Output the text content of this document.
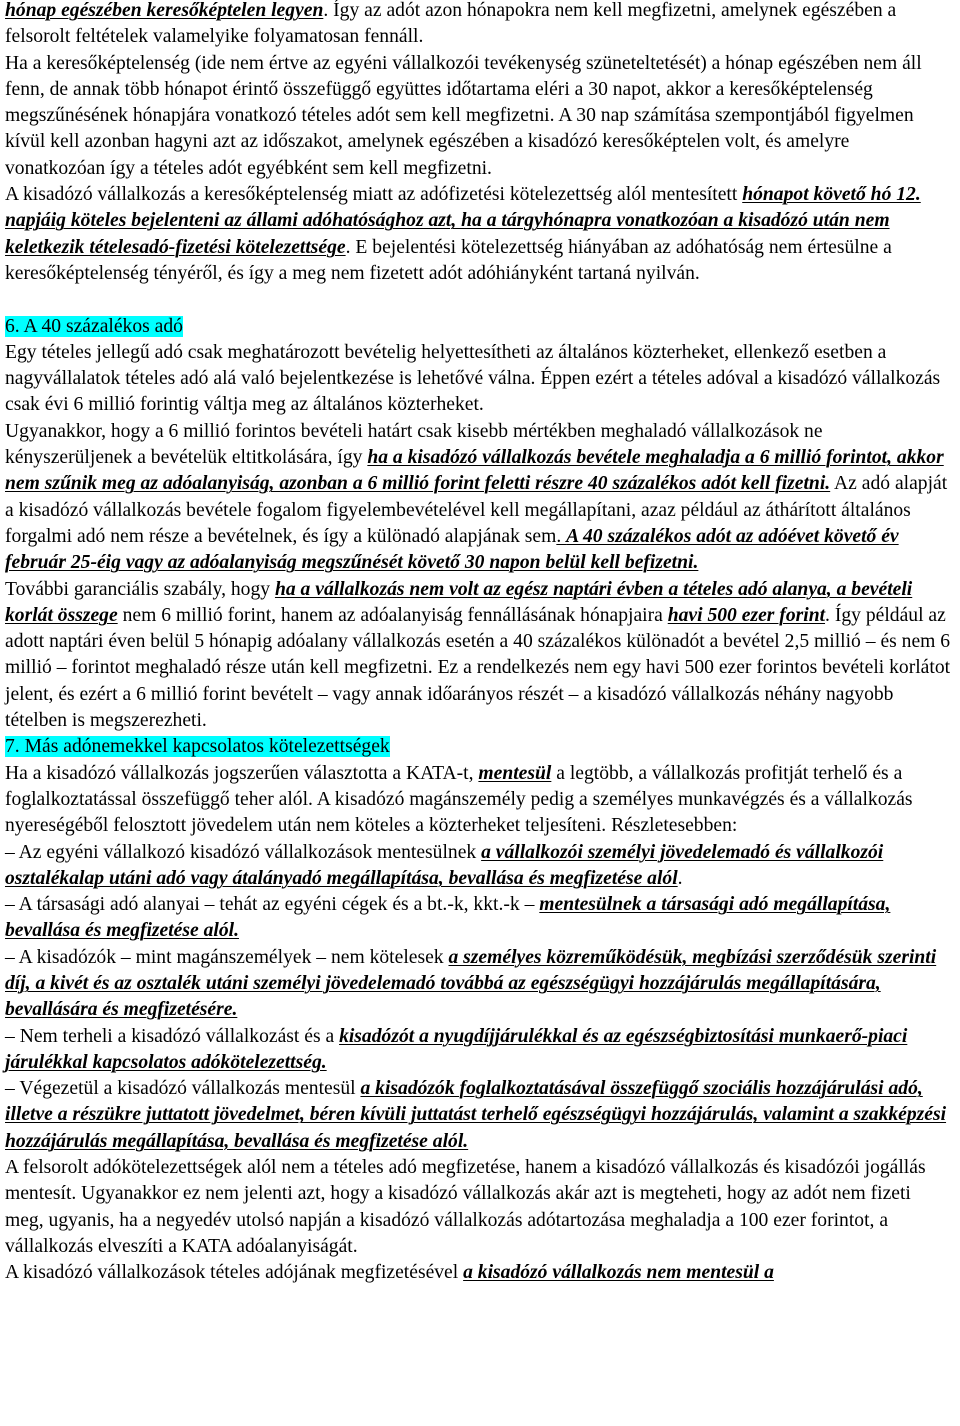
hónap egészében keresőképtelen legyen. Így az adót azon hónapokra nem kell megfizetni, amelynek egészében a felsorolt feltételek valamelyike folyamatosan fennáll.

Ha a keresőképtelenség (ide nem értve az egyéni vállalkozói tevékenység szüneteltetését) a hónap egészében nem áll fenn, de annak több hónapot érintő összefüggő együttes időtartama eléri a 30 napot, akkor a keresőképtelenség megszűnésének hónapjára vonatkozó tételes adót sem kell megfizetni. A 30 nap számítása szempontjából figyelmen kívül kell azonban hagyni azt az időszakot, amelynek egészében a kisadózó keresőképtelen volt, és amelyre vonatkozóan így a tételes adót egyébként sem kell megfizetni.

A kisadózó vállalkozás a keresőképtelenség miatt az adófizetési kötelezettség alól mentesített hónapot követő hó 12. napjáig köteles bejelenteni az állami adóhatósághoz azt, ha a tárgyhónapra vonatkozóan a kisadózó után nem keletkezik tételesadó-fizetési kötelezettsége. E bejelentési kötelezettség hiányában az adóhatóság nem értesülne a keresőképtelenség tényéről, és így a meg nem fizetett adót adóhiányként tartaná nyilván.

6. A 40 százalékos adó

Egy tételes jellegű adó csak meghatározott bevételig helyettesítheti az általános közterheket, ellenkező esetben a nagyvállalatok tételes adó alá való bejelentkezése is lehetővé válna. Éppen ezért a tételes adóval a kisadózó vállalkozás csak évi 6 millió forintig váltja meg az általános közterheket.

Ugyanakkor, hogy a 6 millió forintos bevételi határt csak kisebb mértékben meghaladó vállalkozások ne kényszerüljenek a bevételük eltitkolására, így ha a kisadózó vállalkozás bevétele meghaladja a 6 millió forintot, akkor nem szűnik meg az adóalanyiság, azonban a 6 millió forint feletti részre 40 százalékos adót kell fizetni. Az adó alapját a kisadózó vállalkozás bevétele fogalom figyelembevételével kell megállapítani, azaz például az áthárított általános forgalmi adó nem része a bevételnek, és így a különadó alapjának sem. A 40 százalékos adót az adóévet követő év február 25-éig vagy az adóalanyiság megszűnését követő 30 napon belül kell befizetni.

További garanciális szabály, hogy ha a vállalkozás nem volt az egész naptári évben a tételes adó alanya, a bevételi korlát összege nem 6 millió forint, hanem az adóalanyiság fennállásának hónapjaira havi 500 ezer forint. Így például az adott naptári éven belül 5 hónapig adóalany vállalkozás esetén a 40 százalékos különadót a bevétel 2,5 millió – és nem 6 millió – forintot meghaladó része után kell megfizetni. Ez a rendelkezés nem egy havi 500 ezer forintos bevételi korlátot jelent, és ezért a 6 millió forint bevételt – vagy annak időarányos részét – a kisadózó vállalkozás néhány nagyobb tételben is megszerezheti.

7. Más adónemekkel kapcsolatos kötelezettségek

Ha a kisadózó vállalkozás jogszerűen választotta a KATA-t, mentesül a legtöbb, a vállalkozás profitját terhelő és a foglalkoztatással összefüggő teher alól. A kisadózó magánszemély pedig a személyes munkavégzés és a vállalkozás nyereségéből felosztott jövedelem után nem köteles a közterheket teljesíteni. Részletesebben:

– Az egyéni vállalkozó kisadózó vállalkozások mentesülnek a vállalkozói személyi jövedelemadó és vállalkozói osztalékalap utáni adó vagy átalányadó megállapítása, bevallása és megfizetése alól.

– A társasági adó alanyai – tehát az egyéni cégek és a bt.-k, kkt.-k – mentesülnek a társasági adó megállapítása, bevallása és megfizetése alól.

– A kisadózók – mint magánszemélyek – nem kötelesek a személyes közreműködésük, megbízási szerződésük szerinti díj, a kivét és az osztalék utáni személyi jövedelemadó továbbá az egészségügyi hozzájárulás megállapítására, bevallására és megfizetésére.

– Nem terheli a kisadózó vállalkozást és a kisadózót a nyugdíjjárulékkal és az egészségbiztosítási munkaerő-piaci járulékkal kapcsolatos adókötelezettség.

– Végezetül a kisadózó vállalkozás mentesül a kisadózók foglalkoztatásával összefüggő szociális hozzájárulási adó, illetve a részükre juttatott jövedelmet, béren kívüli juttatást terhelő egészségügyi hozzájárulás, valamint a szakképzési hozzájárulás megállapítása, bevallása és megfizetése alól.

A felsorolt adókötelezettségek alól nem a tételes adó megfizetése, hanem a kisadózó vállalkozás és kisadózói jogállás mentesít. Ugyanakkor ez nem jelenti azt, hogy a kisadózó vállalkozás akár azt is megteheti, hogy az adót nem fizeti meg, ugyanis, ha a negyedév utolsó napján a kisadózó vállalkozás adótartozása meghaladja a 100 ezer forintot, a vállalkozás elveszíti a KATA adóalanyiságát.

A kisadózó vállalkozások tételes adójának megfizetésével a kisadózó vállalkozás nem mentesül a
